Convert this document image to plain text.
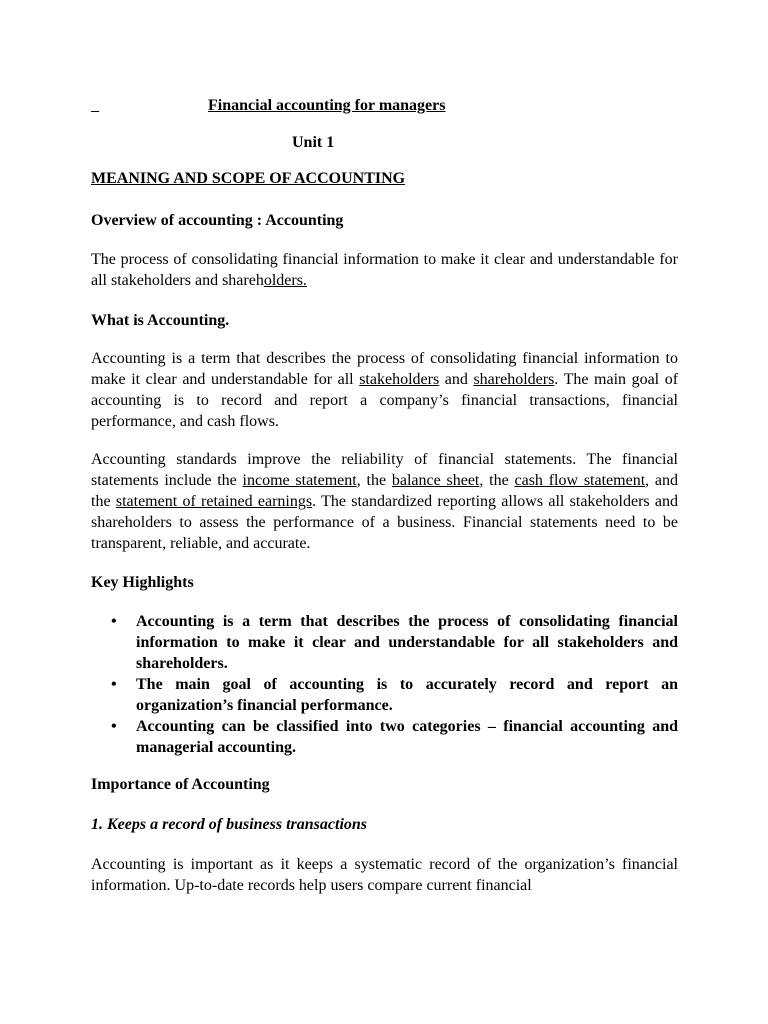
_	Financial accounting for managers
Unit 1
MEANING AND SCOPE OF ACCOUNTING
Overview of accounting : Accounting

The process of consolidating financial information to make it clear and understandable for all stakeholders and shareholders.

What is Accounting.

Accounting is a term that describes the process of consolidating financial information to make it clear and understandable for all stakeholders and shareholders. The main goal of accounting is to record and report a company’s financial transactions, financial performance, and cash flows.

Accounting standards improve the reliability of financial statements. The financial statements include the income statement, the balance sheet, the cash flow statement, and the statement of retained earnings. The standardized reporting allows all stakeholders and shareholders to assess the performance of a business. Financial statements need to be transparent, reliable, and accurate.

Key Highlights
• Accounting is a term that describes the process of consolidating financial information to make it clear and understandable for all stakeholders and shareholders.
• The main goal of accounting is to accurately record and report an organization’s financial performance.
• Accounting can be classified into two categories – financial accounting and managerial accounting.
Importance of Accounting
1. Keeps a record of business transactions

Accounting is important as it keeps a systematic record of the organization’s financial information. Up-to-date records help users compare current financial
